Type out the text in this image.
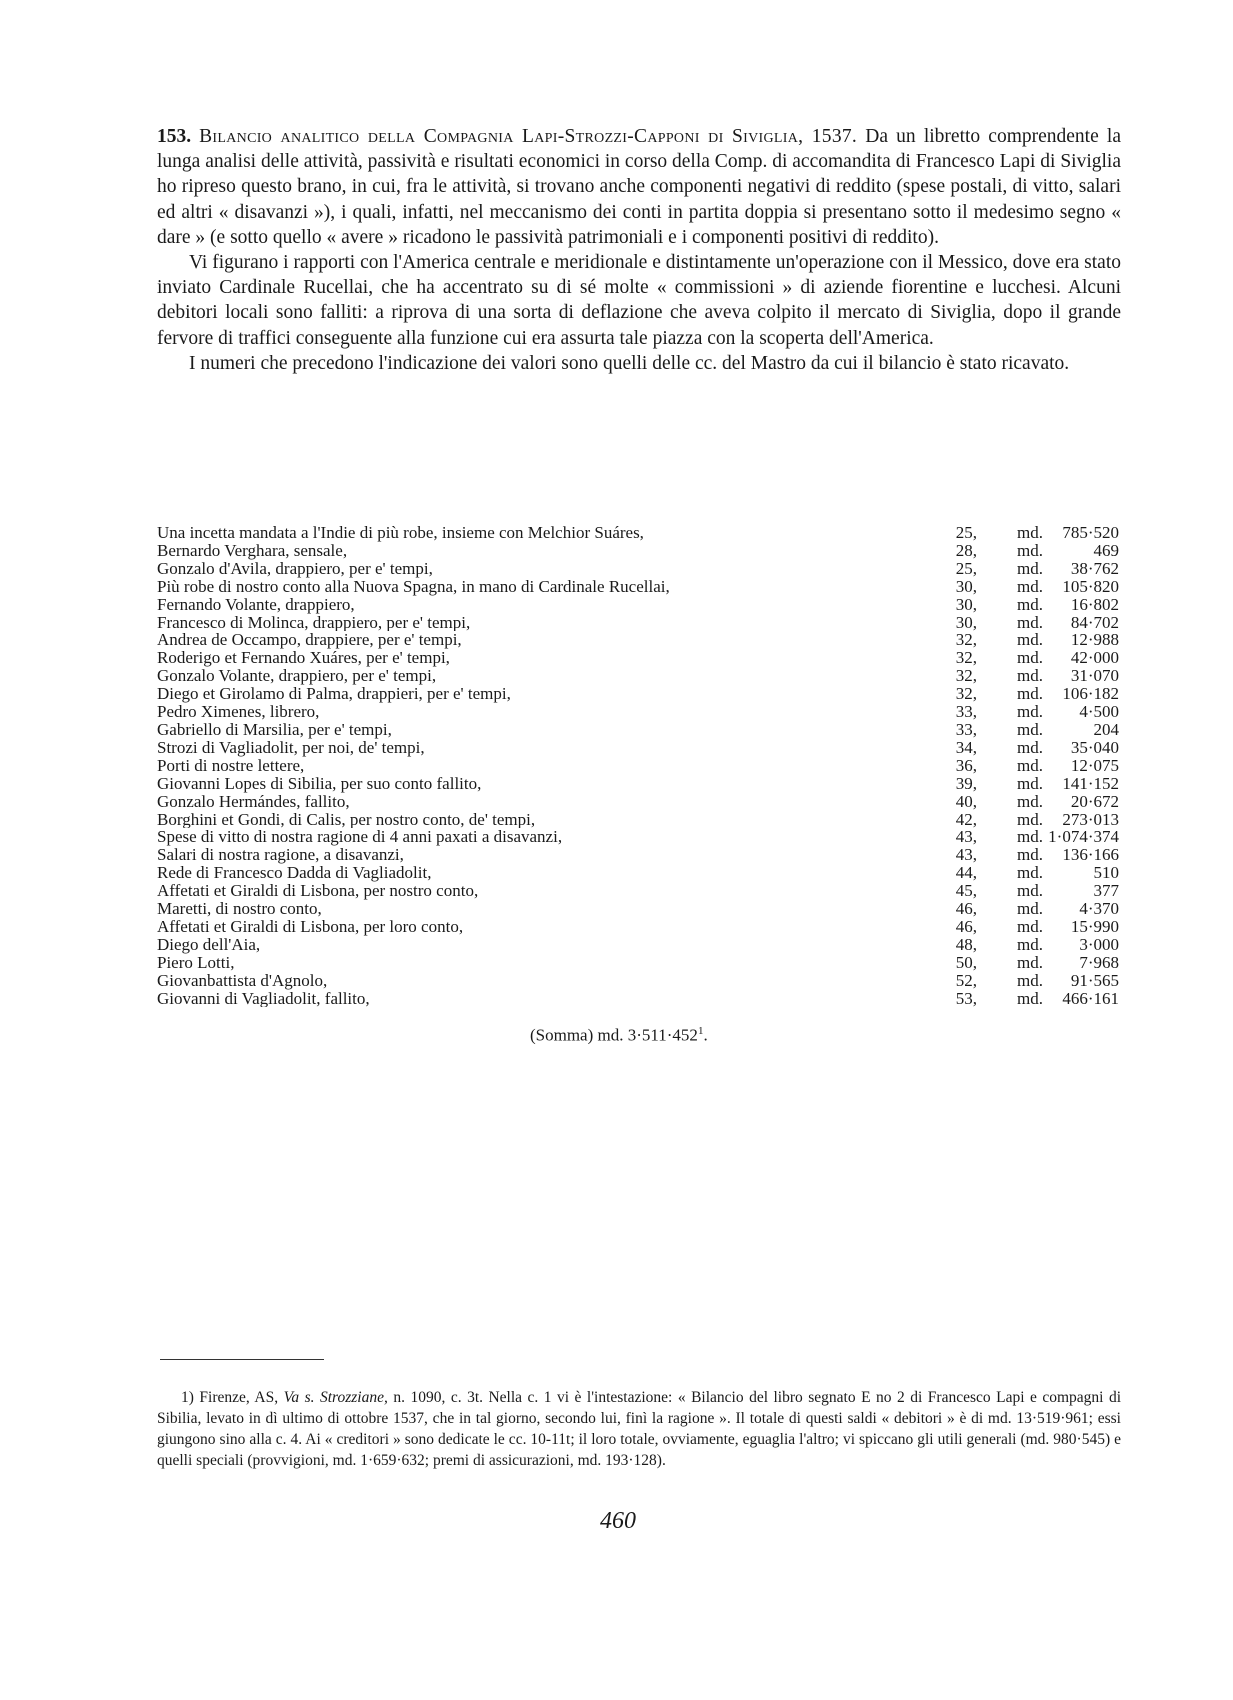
153. Bilancio analitico della Compagnia Lapi-Strozzi-Capponi di Siviglia, 1537. Da un libretto comprendente la lunga analisi delle attività, passività e risultati economici in corso della Comp. di accomandita di Francesco Lapi di Siviglia ho ripreso questo brano, in cui, fra le attività, si trovano anche componenti negativi di reddito (spese postali, di vitto, salari ed altri « disavanzi »), i quali, infatti, nel meccanismo dei conti in partita doppia si presentano sotto il medesimo segno « dare » (e sotto quello « avere » ricadono le passività patrimoniali e i componenti positivi di reddito).

Vi figurano i rapporti con l'America centrale e meridionale e distintamente un'operazione con il Messico, dove era stato inviato Cardinale Rucellai, che ha accentrato su di sé molte « commissioni » di aziende fiorentine e lucchesi. Alcuni debitori locali sono falliti: a riprova di una sorta di deflazione che aveva colpito il mercato di Siviglia, dopo il grande fervore di traffici conseguente alla funzione cui era assurta tale piazza con la scoperta dell'America.

I numeri che precedono l'indicazione dei valori sono quelli delle cc. del Mastro da cui il bilancio è stato ricavato.

Una incetta mandata a l'Indie di più robe, insieme con Melchior Suáres,	25,	md.	785·520
Bernardo Verghara, sensale,	28,	md.	469
Gonzalo d'Avila, drappiero, per e' tempi,	25,	md.	38·762
Più robe di nostro conto alla Nuova Spagna, in mano di Cardinale Rucellai,	30,	md.	105·820
Fernando Volante, drappiero,	30,	md.	16·802
Francesco di Molinca, drappiero, per e' tempi,	30,	md.	84·702
Andrea de Occampo, drappiere, per e' tempi,	32,	md.	12·988
Roderigo et Fernando Xuáres, per e' tempi,	32,	md.	42·000
Gonzalo Volante, drappiero, per e' tempi,	32,	md.	31·070
Diego et Girolamo di Palma, drappieri, per e' tempi,	32,	md.	106·182
Pedro Ximenes, librero,	33,	md.	4·500
Gabriello di Marsilia, per e' tempi,	33,	md.	204
Strozi di Vagliadolit, per noi, de' tempi,	34,	md.	35·040
Porti di nostre lettere,	36,	md.	12·075
Giovanni Lopes di Sibilia, per suo conto fallito,	39,	md.	141·152
Gonzalo Hermándes, fallito,	40,	md.	20·672
Borghini et Gondi, di Calis, per nostro conto, de' tempi,	42,	md.	273·013
Spese di vitto di nostra ragione di 4 anni paxati a disavanzi,	43,	md. 1·074·374
Salari di nostra ragione, a disavanzi,	43,	md.	136·166
Rede di Francesco Dadda di Vagliadolit,	44,	md.	510
Affetati et Giraldi di Lisbona, per nostro conto,	45,	md.	377
Maretti, di nostro conto,	46,	md.	4·370
Affetati et Giraldi di Lisbona, per loro conto,	46,	md.	15·990
Diego dell'Aia,	48,	md.	3·000
Piero Lotti,	50,	md.	7·968
Giovanbattista d'Agnolo,	52,	md.	91·565
Giovanni di Vagliadolit, fallito,	53,	md.	466·161
(Somma) md. $3\cdot 511\cdot 452^1$.

1) Firenze, AS, Va s. Strozziane, n. 1090, c. 3t. Nella c. 1 vi è l'intestazione: « Bilancio del libro segnato E no 2 di Francesco Lapi e compagni di Sibilia, levato in dì ultimo di ottobre 1537, che in tal giorno, secondo lui, finì la ragione ». Il totale di questi saldi « debitori » è di md. 13·519·961; essi giungono sino alla c. 4. Ai « creditori » sono dedicate le cc. 10-11t; il loro totale, ovviamente, eguaglia l'altro; vi spiccano gli utili generali (md. 980·545) e quelli speciali (provvigioni, md. 1·659·632; premi di assicurazioni, md. 193·128).

460
